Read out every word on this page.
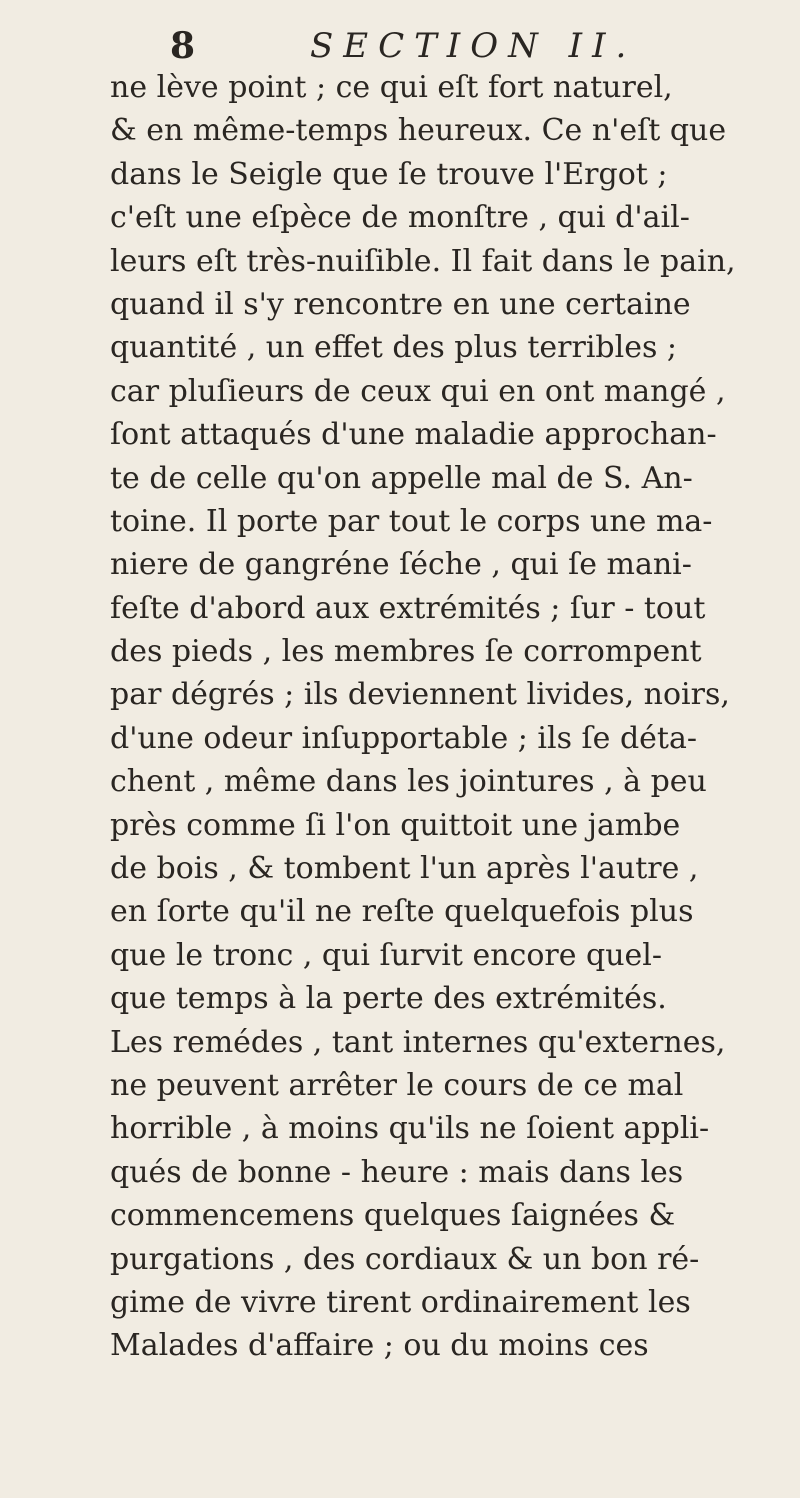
8	SECTION II.
ne lève point ; ce qui eſt fort naturel,
& en même-temps heureux. Ce n'eſt que
dans le Seigle que ſe trouve l'Ergot ;
c'eſt une eſpèce de monſtre , qui d'ail-
leurs eſt très-nuiſible. Il fait dans le pain,
quand il s'y rencontre en une certaine
quantité , un effet des plus terribles ;
car pluſieurs de ceux qui en ont mangé ,
ſont attaqués d'une maladie approchan-
te de celle qu'on appelle mal de S. An-
toine. Il porte par tout le corps une ma-
niere de gangréne ſéche , qui ſe mani-
feſte d'abord aux extrémités ; ſur - tout
des pieds , les membres ſe corrompent
par dégrés ; ils deviennent livides, noirs,
d'une odeur inſupportable ; ils ſe déta-
chent , même dans les jointures , à peu
près comme ſi l'on quittoit une jambe
de bois , & tombent l'un après l'autre ,
en ſorte qu'il ne reſte quelquefois plus
que le tronc , qui ſurvit encore quel-
que temps à la perte des extrémités.
Les remédes , tant internes qu'externes,
ne peuvent arrêter le cours de ce mal
horrible , à moins qu'ils ne ſoient appli-
qués de bonne - heure : mais dans les
commencemens quelques ſaignées &
purgations , des cordiaux & un bon ré-
gime de vivre tirent ordinairement les
Malades d'affaire ; ou du moins ces
